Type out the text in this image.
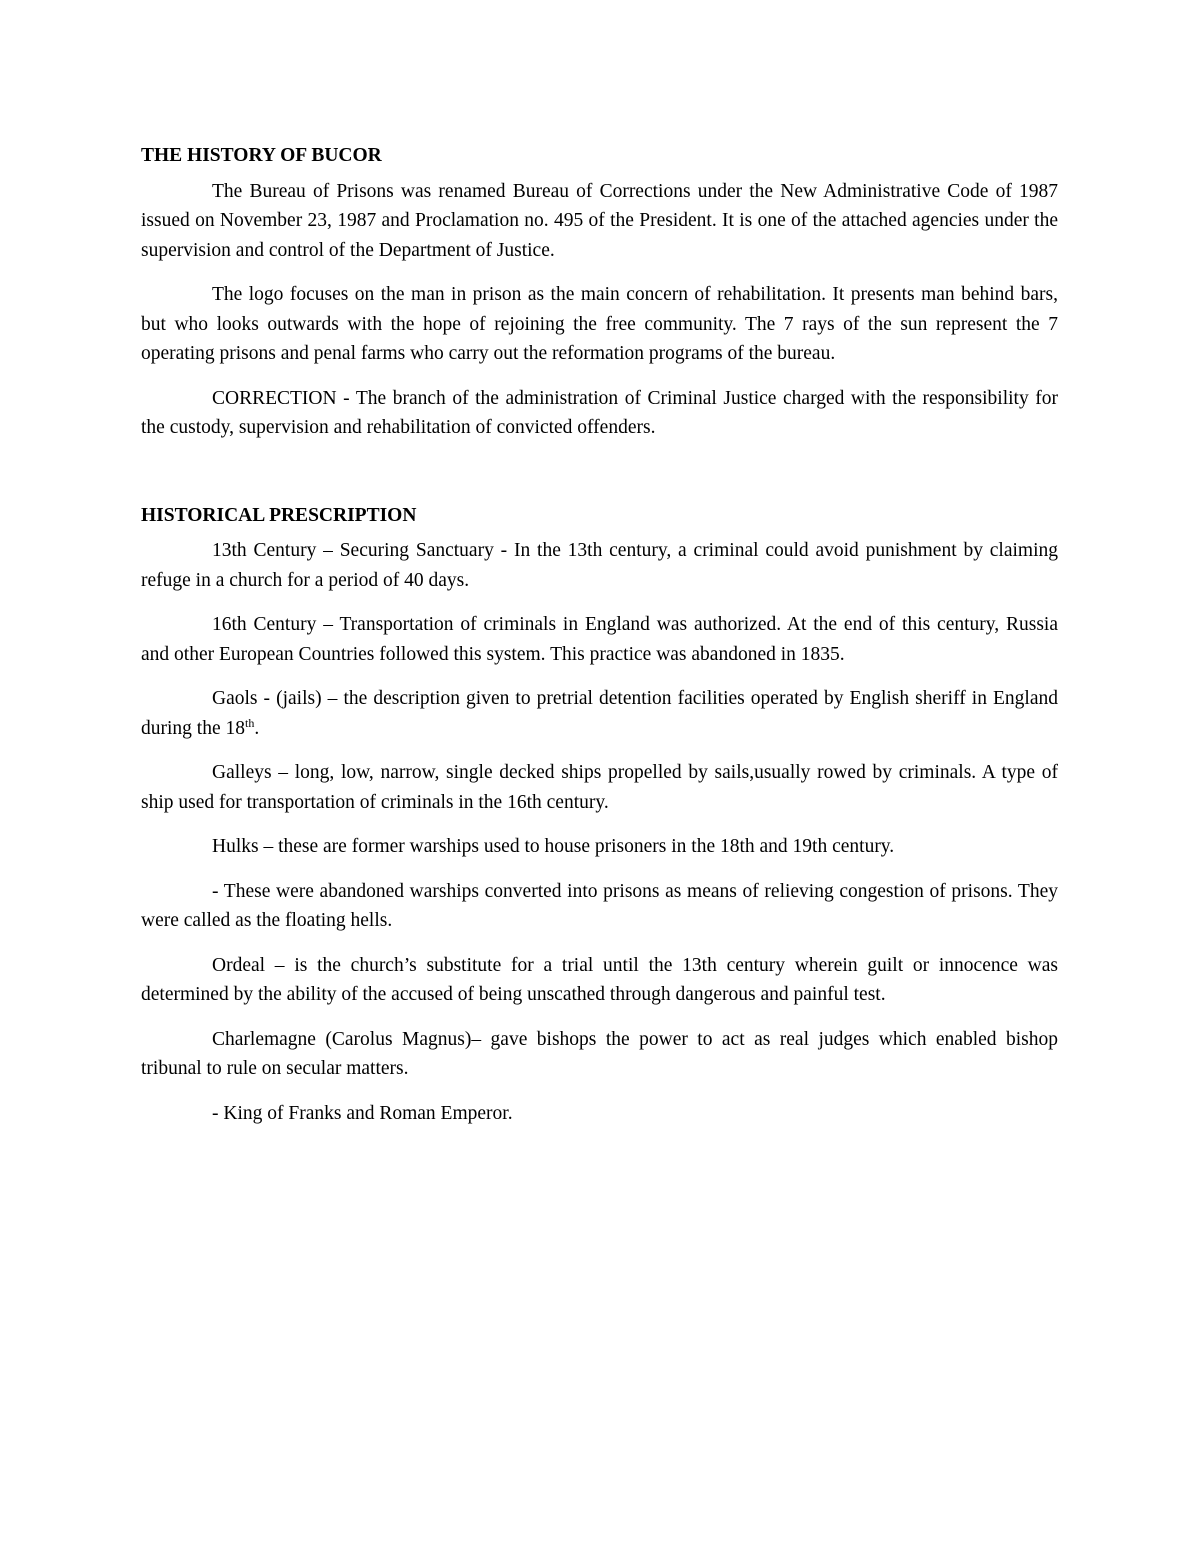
THE HISTORY OF BUCOR

The Bureau of Prisons was renamed Bureau of Corrections under the New Administrative Code of 1987 issued on November 23, 1987 and Proclamation no. 495 of the President. It is one of the attached agencies under the supervision and control of the Department of Justice.

The logo focuses on the man in prison as the main concern of rehabilitation. It presents man behind bars, but who looks outwards with the hope of rejoining the free community. The 7 rays of the sun represent the 7 operating prisons and penal farms who carry out the reformation programs of the bureau.

CORRECTION - The branch of the administration of Criminal Justice charged with the responsibility for the custody, supervision and rehabilitation of convicted offenders.

HISTORICAL PRESCRIPTION

13th Century – Securing Sanctuary - In the 13th century, a criminal could avoid punishment by claiming refuge in a church for a period of 40 days.

16th Century – Transportation of criminals in England was authorized. At the end of this century, Russia and other European Countries followed this system. This practice was abandoned in 1835.

Gaols - (jails) – the description given to pretrial detention facilities operated by English sheriff in England during the 18th.

Galleys – long, low, narrow, single decked ships propelled by sails,usually rowed by criminals. A type of ship used for transportation of criminals in the 16th century.

Hulks – these are former warships used to house prisoners in the 18th and 19th century.

- These were abandoned warships converted into prisons as means of relieving congestion of prisons. They were called as the floating hells.

Ordeal – is the church’s substitute for a trial until the 13th century wherein guilt or innocence was determined by the ability of the accused of being unscathed through dangerous and painful test.

Charlemagne (Carolus Magnus)– gave bishops the power to act as real judges which enabled bishop tribunal to rule on secular matters.

- King of Franks and Roman Emperor.
